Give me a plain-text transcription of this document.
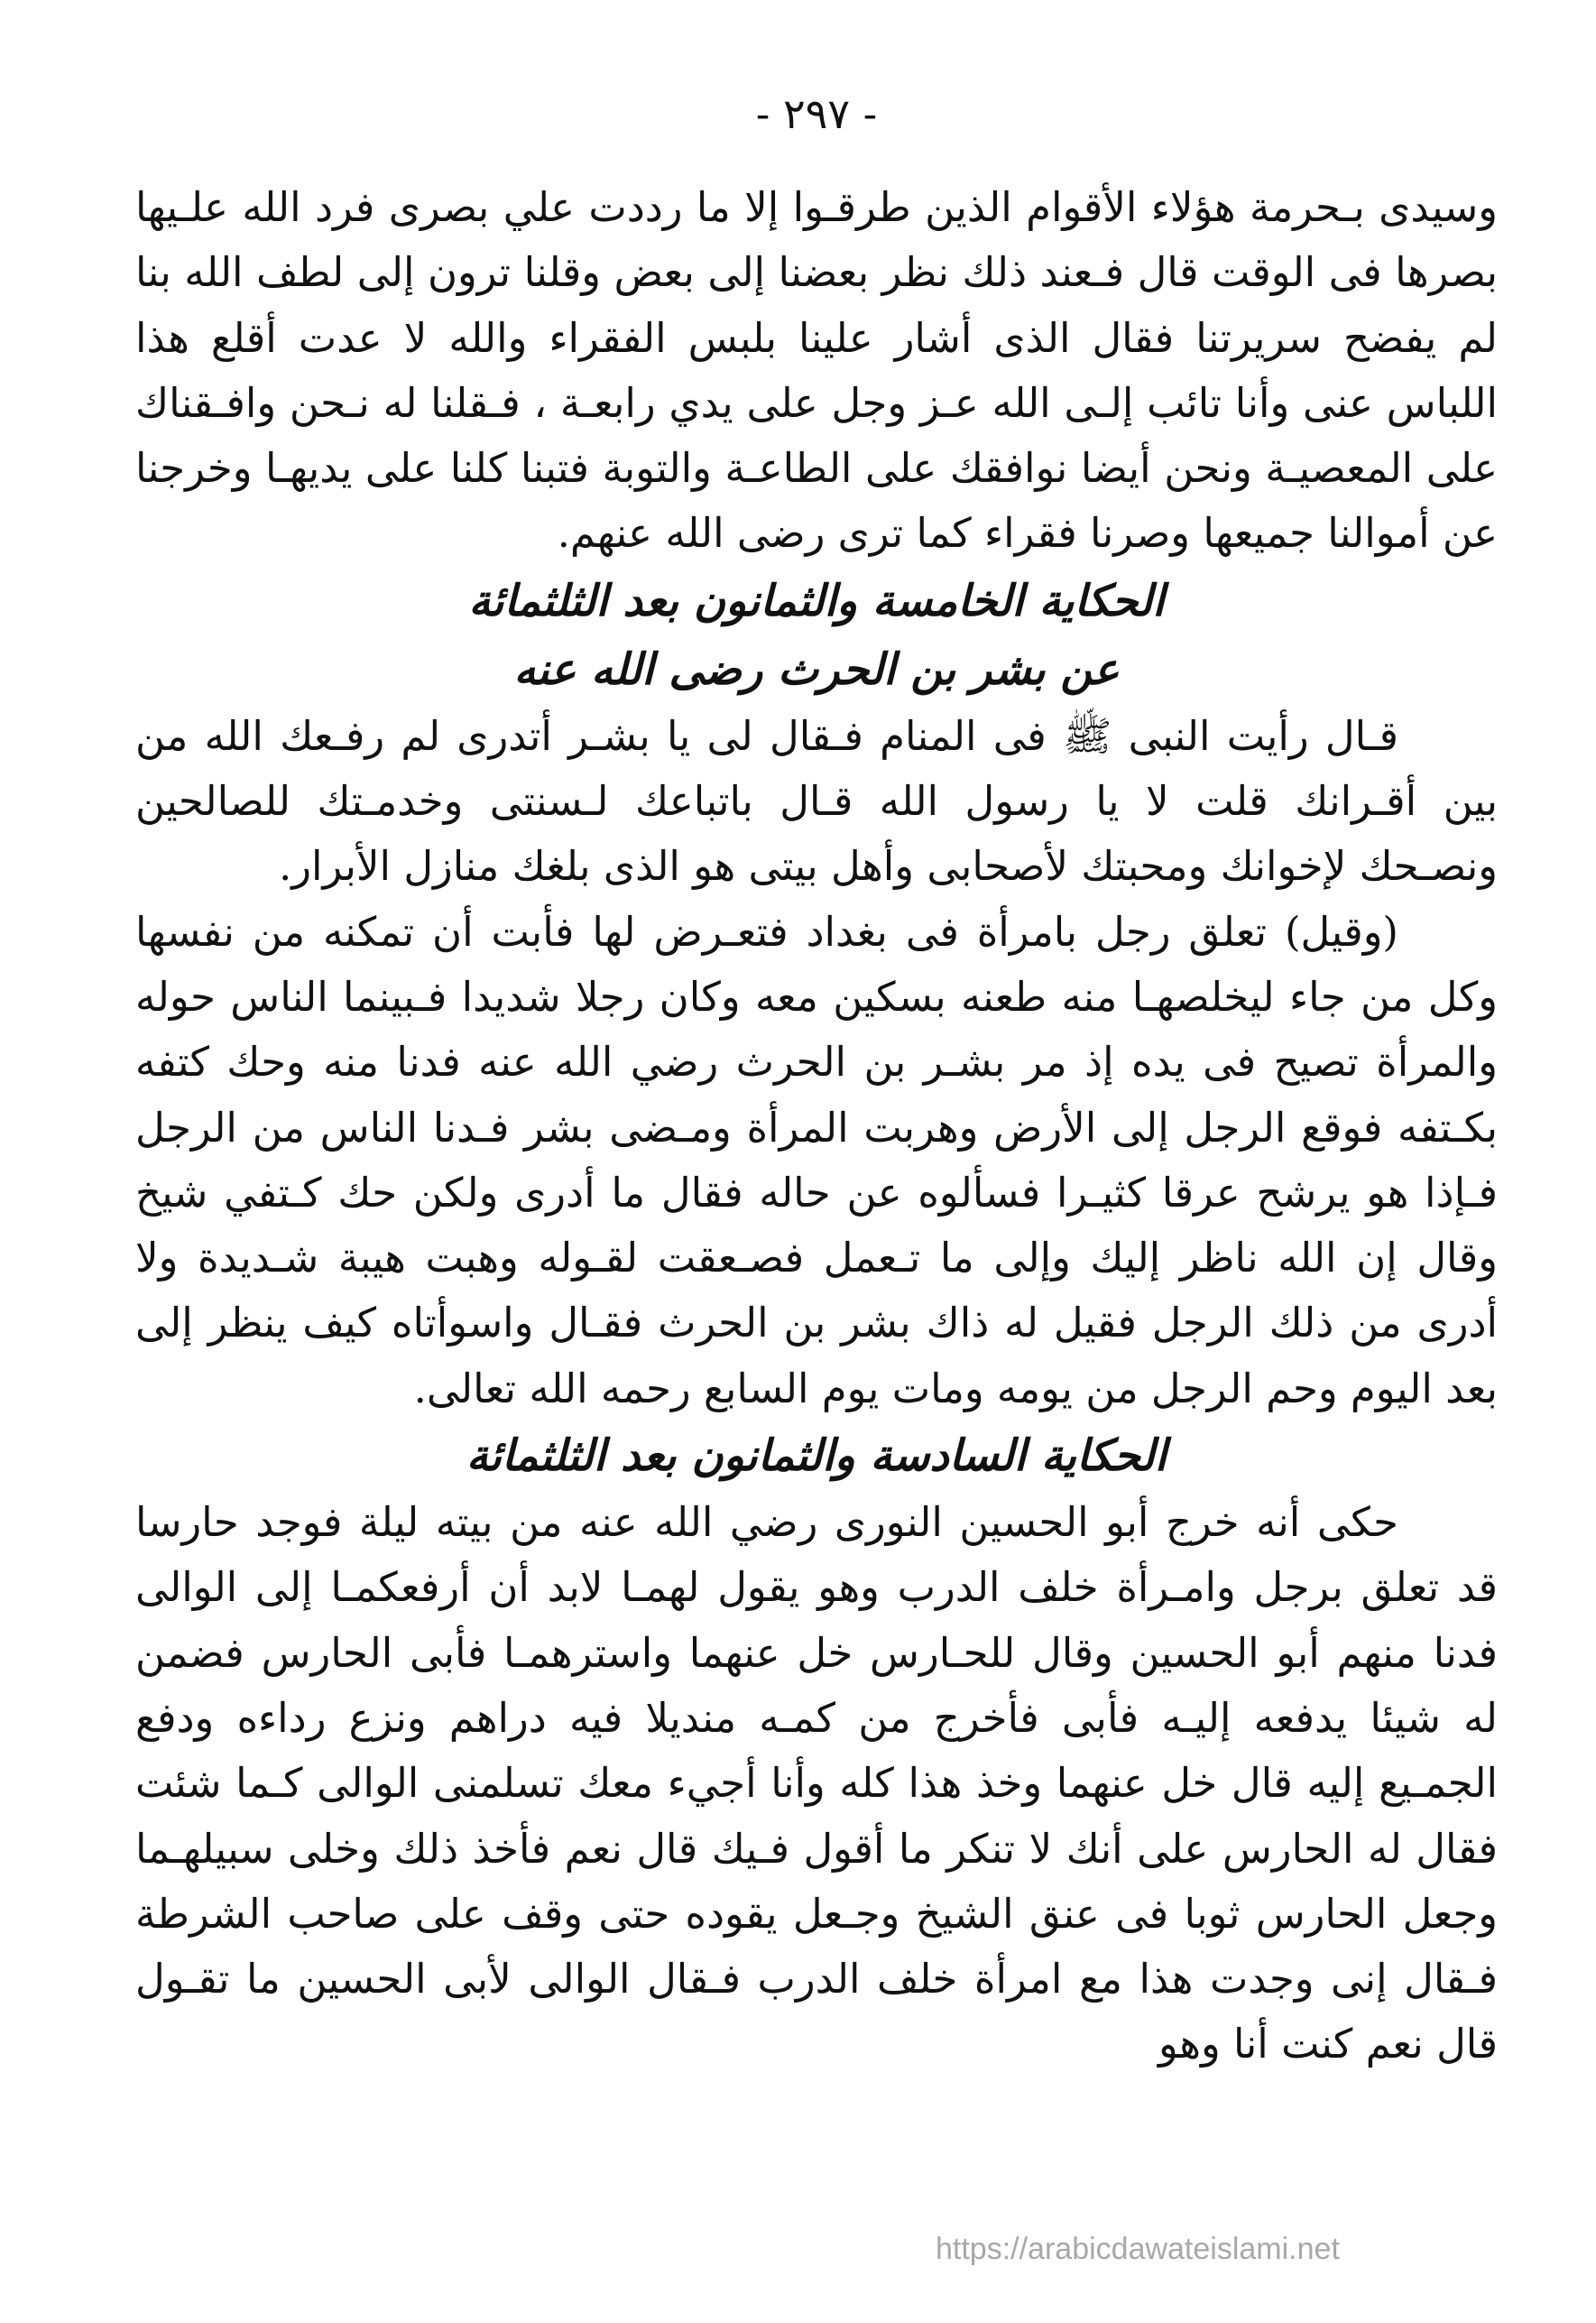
- ٢٩٧ -

وسيدى بـحرمة هؤلاء الأقوام الذين طرقـوا إلا ما رددت علي بصرى فرد الله علـيها بصرها فى الوقت قال فـعند ذلك نظر بعضنا إلى بعض وقلنا ترون إلى لطف الله بنا لم يفضح سريرتنا فقال الذى أشار علينا بلبس الفقراء والله لا عدت أقلع هذا اللباس عنى وأنا تائب إلـى الله عـز وجل على يدي رابعـة ، فـقلنا له نـحن وافـقناك على المعصيـة ونحن أيضا نوافقك على الطاعـة والتوبة فتبنا كلنا على يديهـا وخرجنا عن أموالنا جميعها وصرنا فقراء كما ترى رضى الله عنهم.

الحكاية الخامسة والثمانون بعد الثلثمائة
عن بشر بن الحرث رضى الله عنه

قـال رأيت النبى ﷺ فى المنام فـقال لى يا بشـر أتدرى لم رفـعك الله من بين أقـرانك قلت لا يا رسول الله قـال باتباعك لـسنتى وخدمـتك للصالحين ونصـحك لإخوانك ومحبتك لأصحابى وأهل بيتى هو الذى بلغك منازل الأبرار.

(وقيل) تعلق رجل بامرأة فى بغداد فتعـرض لها فأبت أن تمكنه من نفسها وكل من جاء ليخلصهـا منه طعنه بسكين معه وكان رجلا شديدا فـبينما الناس حوله والمرأة تصيح فى يده إذ مر بشـر بن الحرث رضي الله عنه فدنا منه وحك كتفه بكـتفه فوقع الرجل إلى الأرض وهربت المرأة ومـضى بشر فـدنا الناس من الرجل فـإذا هو يرشح عرقا كثيـرا فسألوه عن حاله فقال ما أدرى ولكن حك كـتفي شيخ وقال إن الله ناظر إليك وإلى ما تـعمل فصـعقت لقـوله وهبت هيبة شـديدة ولا أدرى من ذلك الرجل فقيل له ذاك بشر بن الحرث فقـال واسوأتاه كيف ينظر إلى بعد اليوم وحم الرجل من يومه ومات يوم السابع رحمه الله تعالى.

الحكاية السادسة والثمانون بعد الثلثمائة

حكى أنه خرج أبو الحسين النورى رضي الله عنه من بيته ليلة فوجد حارسا قد تعلق برجل وامـرأة خلف الدرب وهو يقول لهمـا لابد أن أرفعكمـا إلى الوالى فدنا منهم أبو الحسين وقال للحـارس خل عنهما واسترهمـا فأبى الحارس فضمن له شيئا يدفعه إليـه فأبى فأخرج من كمـه منديلا فيه دراهم ونزع رداءه ودفع الجمـيع إليه قال خل عنهما وخذ هذا كله وأنا أجيء معك تسلمنى الوالى كـما شئت فقال له الحارس على أنك لا تنكر ما أقول فـيك قال نعم فأخذ ذلك وخلى سبيلهـما وجعل الحارس ثوبا فى عنق الشيخ وجـعل يقوده حتى وقف على صاحب الشرطة فـقال إنى وجدت هذا مع امرأة خلف الدرب فـقال الوالى لأبى الحسين ما تقـول قال نعم كنت أنا وهو

https://arabicdawateislami.net
